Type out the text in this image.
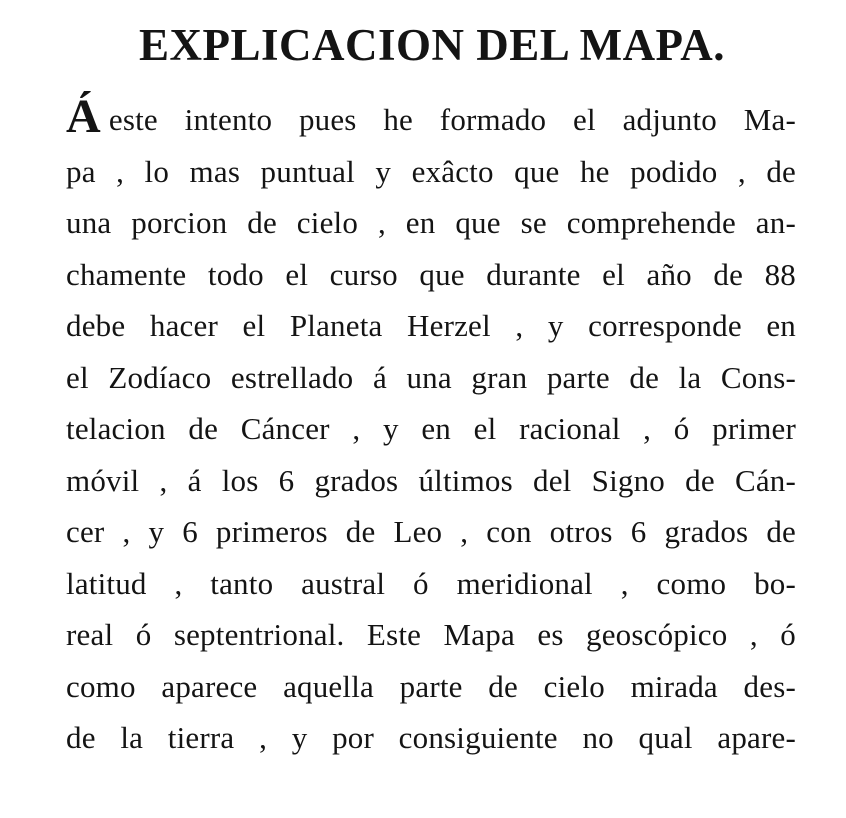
EXPLICACION DEL MAPA.
Áeste intento pues he formado el adjunto Ma-
pa , lo mas puntual y exâcto que he podido , de
una porcion de cielo , en que se comprehende an-
chamente todo el curso que durante el año de 88
debe hacer el Planeta Herzel , y corresponde en
el Zodíaco estrellado á una gran parte de la Cons-
telacion de Cáncer , y en el racional , ó primer
móvil , á los 6 grados últimos del Signo de Cán-
cer , y 6 primeros de Leo , con otros 6 grados de
latitud , tanto austral ó meridional , como bo-
real ó septentrional. Este Mapa es geoscópico , ó
como aparece aquella parte de cielo mirada des-
de la tierra , y por consiguiente no qual apare-
